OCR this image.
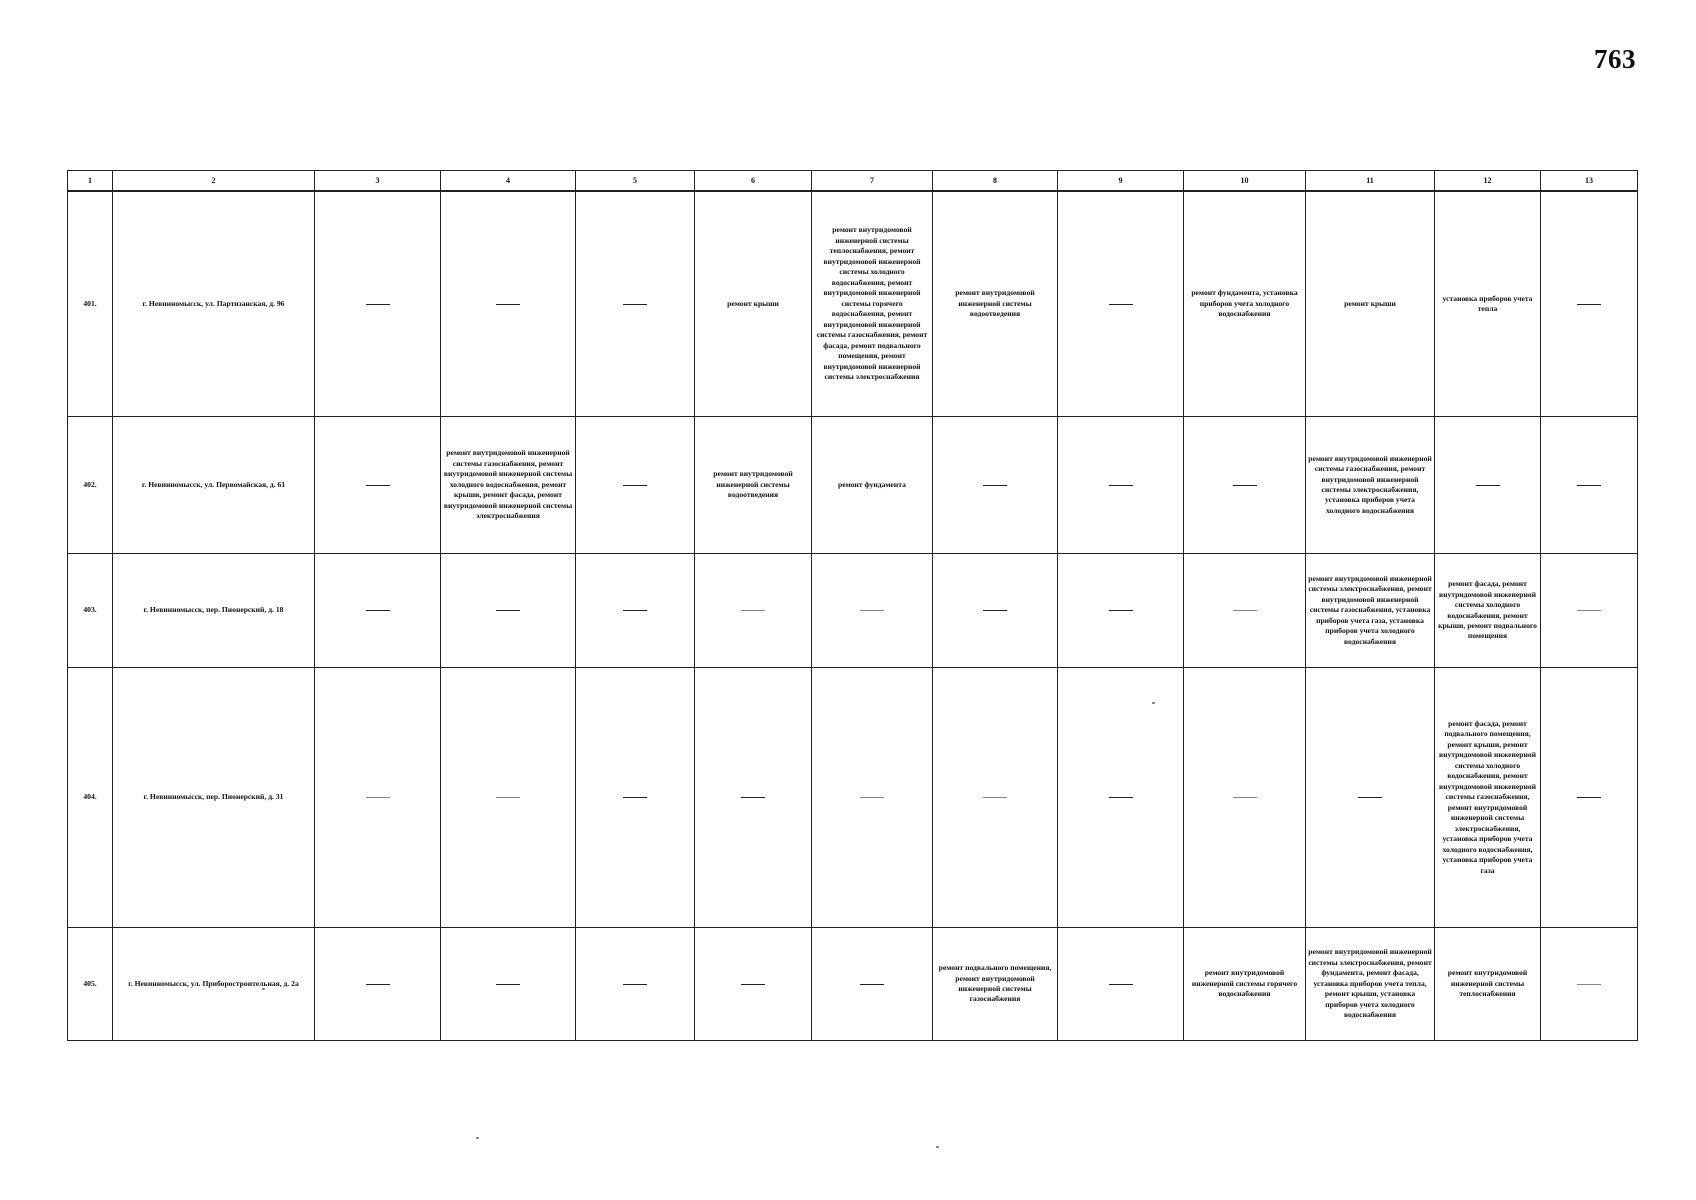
763
1	2	3	4	5	6	7	8	9	10	11	12	13
401.	г. Невинномысск, ул. Партизанская, д. 96				ремонт крыши	ремонт внутридомовой инженерной системы теплоснабжения, ремонт внутридомовой инженерной системы холодного водоснабжения, ремонт внутридомовой инженерной системы горячего водоснабжения, ремонт внутридомовой инженерной системы газоснабжения, ремонт фасада, ремонт подвального помещения, ремонт внутридомовой инженерной системы электроснабжения	ремонт внутридомовой инженерной системы водоотведения		ремонт фундамента, установка приборов учета холодного водоснабжения	ремонт крыши	установка приборов учета тепла	
402.	г. Невинномысск, ул. Первомайская, д. 61		ремонт внутридомовой инженерной системы газоснабжения, ремонт внутридомовой инженерной системы холодного водоснабжения, ремонт крыши, ремонт фасада, ремонт внутридомовой инженерной системы электроснабжения		ремонт внутридомовой инженерной системы водоотведения	ремонт фундамента				ремонт внутридомовой инженерной системы газоснабжения, ремонт внутридомовой инженерной системы электроснабжения, установка приборов учета холодного водоснабжения		
403.	г. Невинномысск, пер. Пионерский, д. 18									ремонт внутридомовой инженерной системы электроснабжения, ремонт внутридомовой инженерной системы газоснабжения, установка приборов учета газа, установка приборов учета холодного водоснабжения	ремонт фасада, ремонт внутридомовой инженерной системы холодного водоснабжения, ремонт крыши, ремонт подвального помещения	
404.	г. Невинномысск, пер. Пионерский, д. 31										ремонт фасада, ремонт подвального помещения, ремонт крыши, ремонт внутридомовой инженерной системы холодного водоснабжения, ремонт внутридомовой инженерной системы газоснабжения, ремонт внутридомовой инженерной системы электроснабжения, установка приборов учета холодного водоснабжения, установка приборов учета газа	
405.	г. Невинномысск, ул. Приборостроительная, д. 2а						ремонт подвального помещения, ремонт внутридомовой инженерной системы газоснабжения		ремонт внутридомовой инженерной системы горячего водоснабжения	ремонт внутридомовой инженерной системы электроснабжения, ремонт фундамента, ремонт фасада, установка приборов учета тепла, ремонт крыши, установка приборов учета холодного водоснабжения	ремонт внутридомовой инженерной системы теплоснабжения	
